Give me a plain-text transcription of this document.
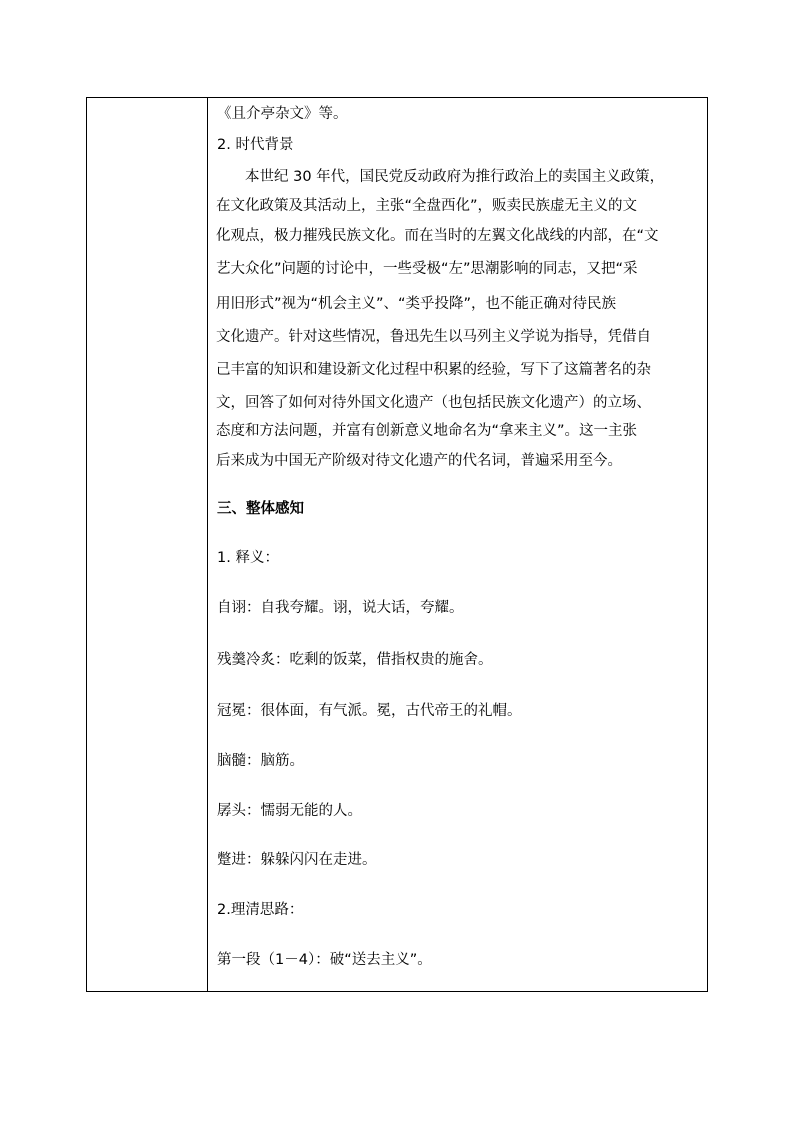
《且介亭杂文》等。
2. 时代背景
本世纪 30 年代，国民党反动政府为推行政治上的卖国主义政策，
在文化政策及其活动上，主张“全盘西化”，贩卖民族虚无主义的文
化观点，极力摧残民族文化。而在当时的左翼文化战线的内部，在“文
艺大众化”问题的讨论中，一些受极“左”思潮影响的同志，又把“采
用旧形式”视为“机会主义”、“类乎投降”，也不能正确对待民族
文化遗产。针对这些情况，鲁迅先生以马列主义学说为指导，凭借自
己丰富的知识和建设新文化过程中积累的经验，写下了这篇著名的杂
文，回答了如何对待外国文化遗产（也包括民族文化遗产）的立场、
态度和方法问题，并富有创新意义地命名为“拿来主义”。这一主张
后来成为中国无产阶级对待文化遗产的代名词，普遍采用至今。
三、整体感知
1. 释义：
自诩：自我夸耀。诩，说大话，夸耀。
残羹冷炙：吃剩的饭菜，借指权贵的施舍。
冠冕：很体面，有气派。冕，古代帝王的礼帽。
脑髓：脑筋。
孱头：懦弱无能的人。
蹩进：躲躲闪闪在走进。
2.理清思路：
第一段（1－4）：破“送去主义”。
